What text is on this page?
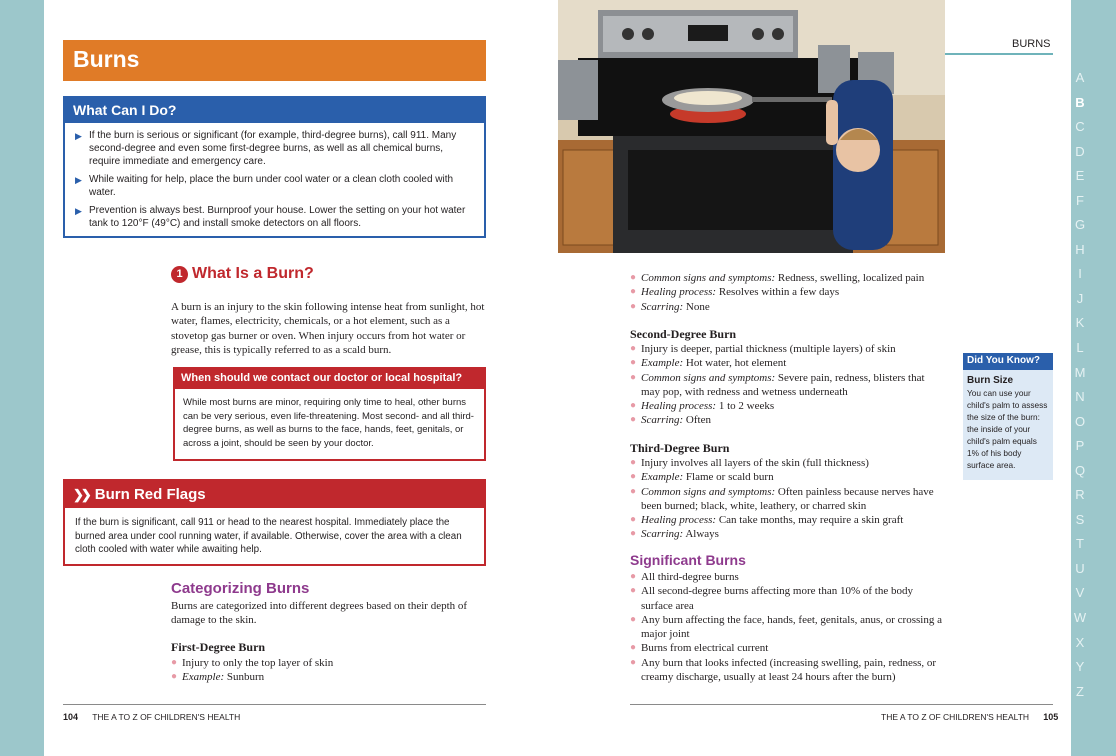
A
B
C
D
E
F
G
H
I
J
K
L
M
N
O
P
Q
R
S
T
U
V
W
X
Y
Z
Burns
What Can I Do?
▶ If the burn is serious or significant (for example, third-degree burns), call 911. Many second-degree and even some first-degree burns, as well as all chemical burns, require immediate and emergency care.
▶ While waiting for help, place the burn under cool water or a clean cloth cooled with water.
▶ Prevention is always best. Burnproof your house. Lower the setting on your hot water tank to 120°F (49°C) and install smoke detectors on all floors.
1 What Is a Burn?

A burn is an injury to the skin following intense heat from sunlight, hot water, flames, electricity, chemicals, or a hot element, such as a stovetop gas burner or oven. When injury occurs from hot water or grease, this is typically referred to as a scald burn.

When should we contact our doctor or local hospital?
While most burns are minor, requiring only time to heal, other burns can be very serious, even life-threatening. Most second- and all third-degree burns, as well as burns to the face, hands, feet, genitals, or across a joint, should be seen by your doctor.
❯❯ Burn Red Flags
If the burn is significant, call 911 or head to the nearest hospital. Immediately place the burned area under cool running water, if available. Otherwise, cover the area with a clean cloth cooled with water while awaiting help.
Categorizing Burns

Burns are categorized into different degrees based on their depth of damage to the skin.

First-Degree Burn
● Injury to only the top layer of skin
● Example: Sunburn
104 THE A TO Z OF CHILDREN'S HEALTH
BURNS
● Common signs and symptoms: Redness, swelling, localized pain
● Healing process: Resolves within a few days
● Scarring: None
Second-Degree Burn
● Injury is deeper, partial thickness (multiple layers) of skin
● Example: Hot water, hot element
● Common signs and symptoms: Severe pain, redness, blisters that may pop, with redness and wetness underneath
● Healing process: 1 to 2 weeks
● Scarring: Often
Third-Degree Burn
● Injury involves all layers of the skin (full thickness)
● Example: Flame or scald burn
● Common signs and symptoms: Often painless because nerves have been burned; black, white, leathery, or charred skin
● Healing process: Can take months, may require a skin graft
● Scarring: Always
Significant Burns
● All third-degree burns
● All second-degree burns affecting more than 10% of the body surface area
● Any burn affecting the face, hands, feet, genitals, anus, or crossing a major joint
● Burns from electrical current
● Any burn that looks infected (increasing swelling, pain, redness, or creamy discharge, usually at least 24 hours after the burn)
Did You Know?
Burn Size
You can use your child's palm to assess the size of the burn: the inside of your child's palm equals 1% of his body surface area.
THE A TO Z OF CHILDREN'S HEALTH 105
